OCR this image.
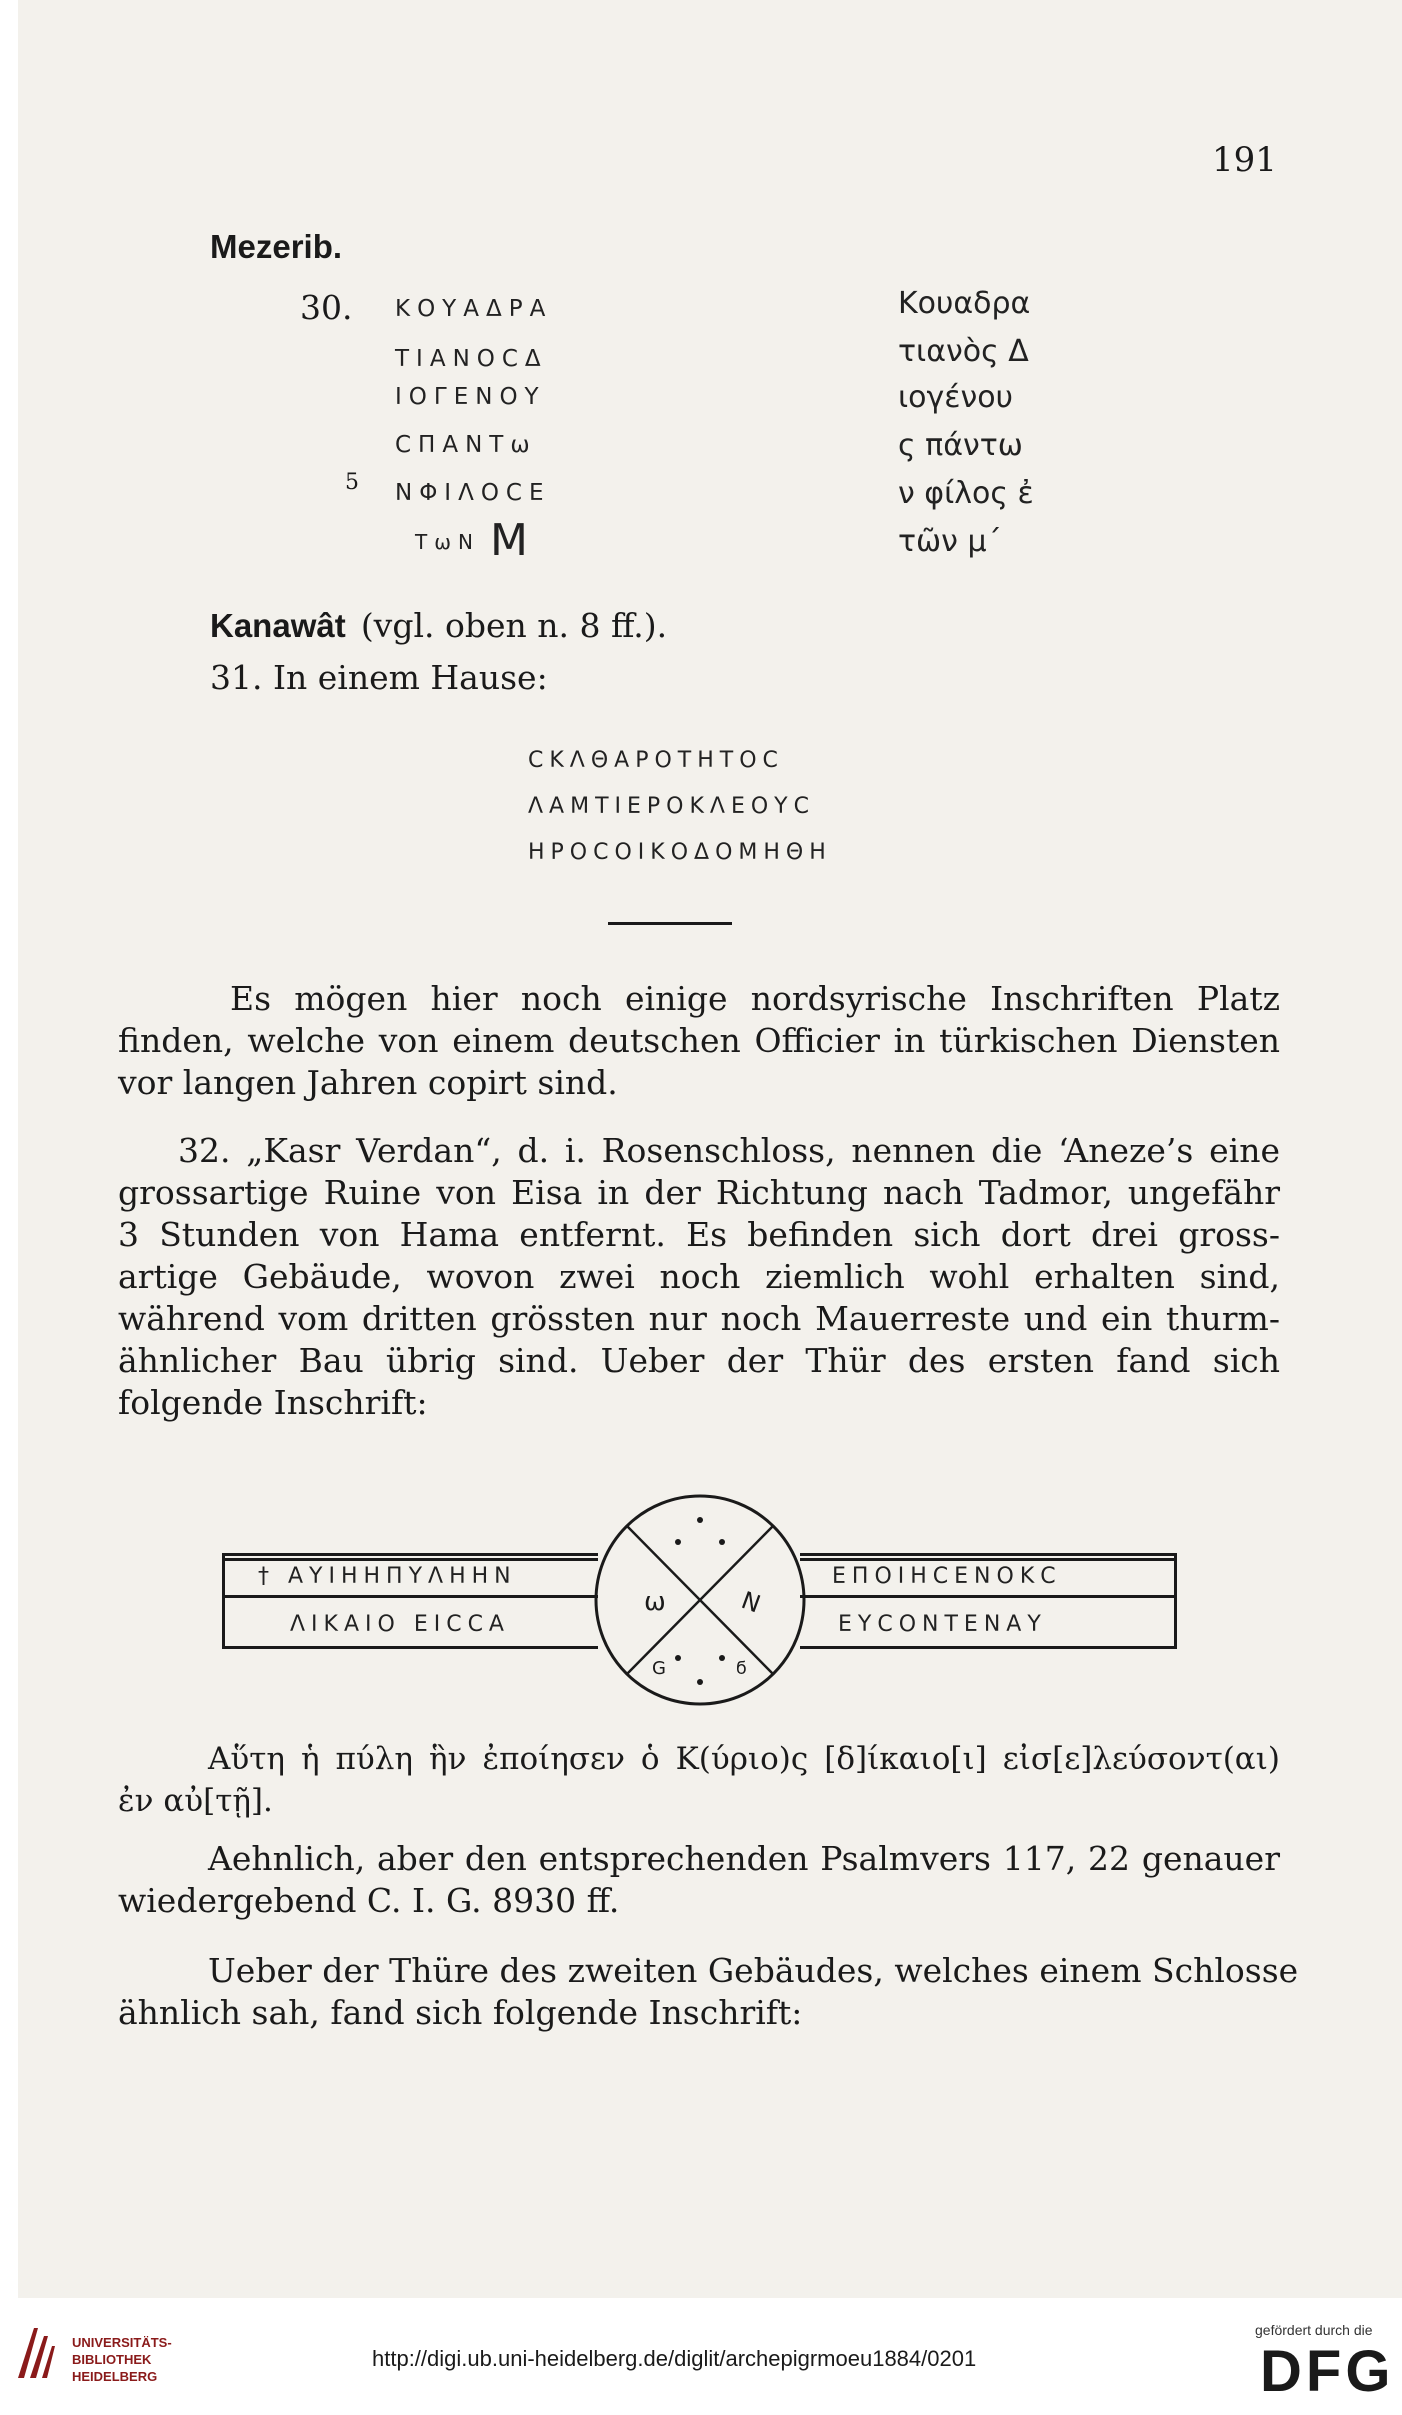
191
Mezerib.
30.
5
ΚΟΥΑΔΡΑ
ΤΙΑΝΟϹΔ
ΙΟΓΕΝΟΥ
ϹΠΑΝΤω
ΝΦΙΛΟϹΕ
ΤωΝ M
Κουαδρα
τιανὸς Δ
ιογένου
ς πάντω
ν φίλος ἐ
τῶν μ΄
Kanawât (vgl. oben n. 8 ff.).
31. In einem Hause:
CΚΛΘΑΡΟΤΗΤΟC
ΛΑΜΤΙΕΡΟΚΛΕΟΥC
ΗΡΟCΟΙΚΟΔΟΜΗΘΗ
Es mögen hier noch einige nordsyrische Inschriften Platz
finden, welche von einem deutschen Officier in türkischen Diensten
vor langen Jahren copirt sind.
32. „Kasr Verdan“, d. i. Rosenschloss, nennen die ‘Aneze’s eine
grossartige Ruine von Eisa in der Richtung nach Tadmor, ungefähr
3 Stunden von Hama entfernt. Es befinden sich dort drei gross-
artige Gebäude, wovon zwei noch ziemlich wohl erhalten sind,
während vom dritten grössten nur noch Mauerreste und ein thurm-
ähnlicher Bau übrig sind. Ueber der Thür des ersten fand sich
folgende Inschrift:
† ΑΥΙΗΗΠΥΛΗΗΝ
ΛΙΚΑΙΟ ΕΙCCΑ
ΕΠΟΙΗCΕΝΟΚC
ΕΥCΟΝΤΕΝΑΥ
ω	Ν
G	ϭ
Αὕτη ἡ πύλη ἣν ἐποίησεν ὁ Κ(ύριο)ς [δ]ίκαιο[ι] εἰσ[ε]λεύσοντ(αι)
ἐν αὐ[τῇ].
Aehnlich, aber den entsprechenden Psalmvers 117, 22 genauer
wiedergebend C. I. G. 8930 ff.
Ueber der Thüre des zweiten Gebäudes, welches einem Schlosse
ähnlich sah, fand sich folgende Inschrift:
UNIVERSITÄTS-
BIBLIOTHEK
HEIDELBERG
http://digi.ub.uni-heidelberg.de/diglit/archepigrmoeu1884/0201
gefördert durch die
DFG
